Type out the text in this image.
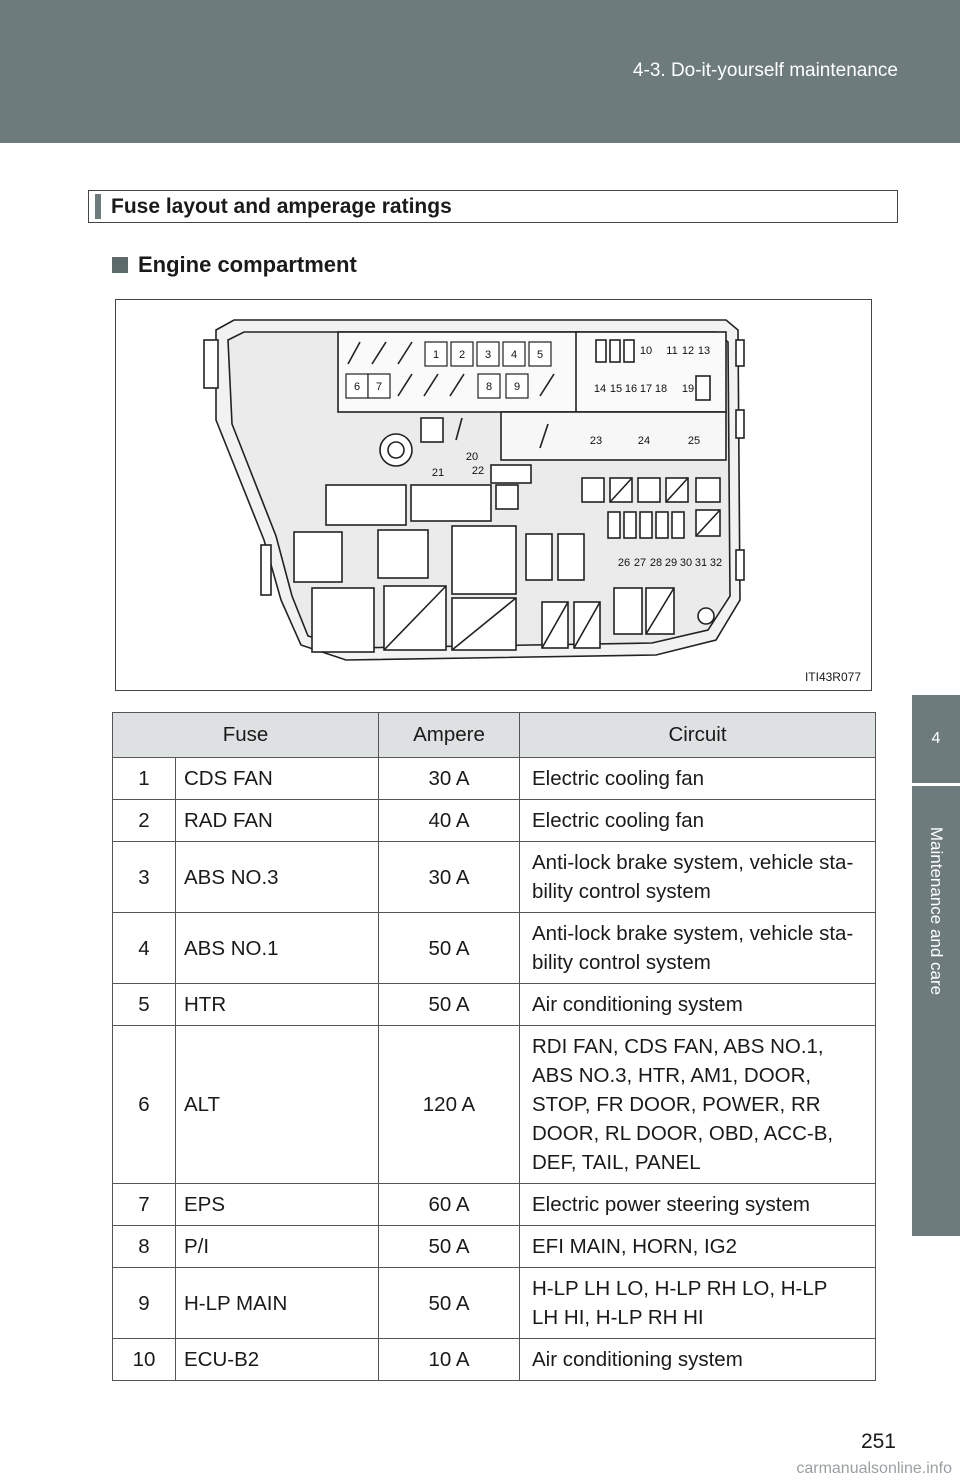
4-3. Do-it-yourself maintenance
4
Maintenance and care
Fuse layout and amperage ratings
Engine compartment
1 2 3 4 5
6 7	8 9
10 11 12 13
14 15 16 17 18 19
20
21	22
23	24	25
26 27 28 29 30 31 32
ITI43R077
Fuse		Ampere	Circuit
1	CDS FAN	30 A	Electric cooling fan
2	RAD FAN	40 A	Electric cooling fan
3	ABS NO.3	30 A	Anti-lock brake system, vehicle sta-
bility control system
4	ABS NO.1	50 A	Anti-lock brake system, vehicle sta-
bility control system
5	HTR	50 A	Air conditioning system
6	ALT	120 A	RDI FAN, CDS FAN, ABS NO.1,
ABS NO.3, HTR, AM1, DOOR,
STOP, FR DOOR, POWER, RR
DOOR, RL DOOR, OBD, ACC-B,
DEF, TAIL, PANEL
7	EPS	60 A	Electric power steering system
8	P/I	50 A	EFI MAIN, HORN, IG2
9	H-LP MAIN	50 A	H-LP LH LO, H-LP RH LO, H-LP
LH HI, H-LP RH HI
10	ECU-B2	10 A	Air conditioning system
251
carmanualsonline.info
